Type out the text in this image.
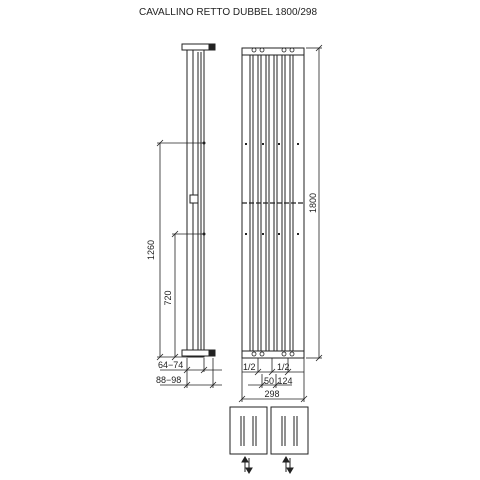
CAVALLINO RETTO DUBBEL 1800/298
1260
720
64−74
88−98
1800
1/2 1/2
50 124
298
